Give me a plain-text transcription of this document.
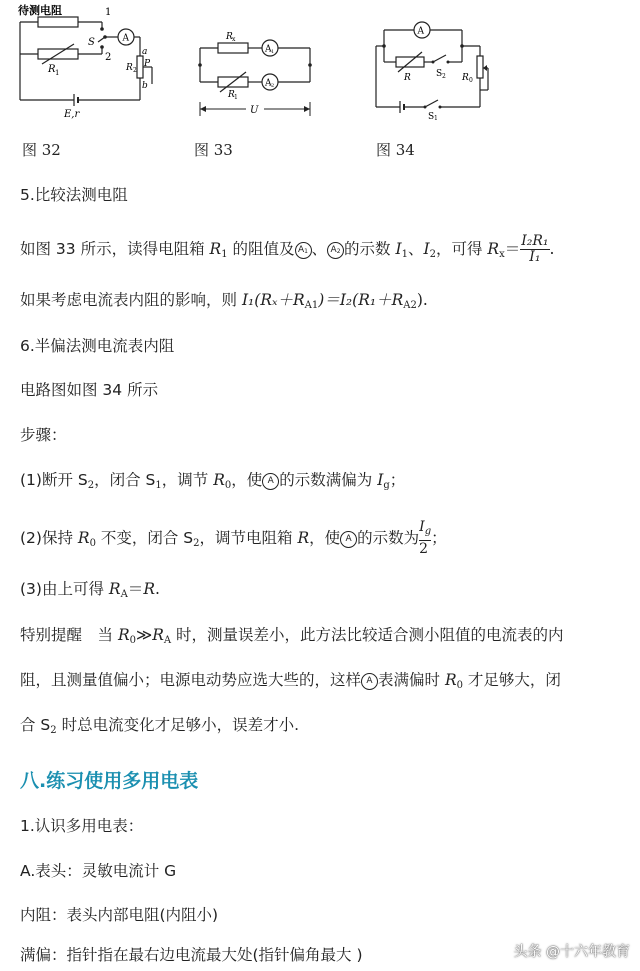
待测电阻	1
R 1
2
S	A
a
R 2
P
b
E,r
图 32
R x
A 1
R 1
A 2
U
图 33
A
R	S 2 R 0
S 1
图 34
5.比较法测电阻
如图 33 所示，读得电阻箱 $R_1$ 的阻值及 $A_1$ 、 $A_2$ 的示数 $I_1$、$I_2$，可得 $R_x= \frac{\text{I₂R₁}}{\text{I₁}}$ .
如果考虑电流表内阻的影响，则 $I_1(R_x+R_{A1})=I_2(R_1+R_{A2})$.
6.半偏法测电流表内阻
电路图如图 34 所示
步骤：
(1)断开 $S_2$，闭合 $S_1$，调节 $R_0$，使 A 的示数满偏为 $I_g$；
(2)保持 $R_0$ 不变，闭合 $S_2$，调节电阻箱 R，使 A 的示数为 $\frac{I_g}{2}$ ；
(3)由上可得 $R_A=R$.
特别提醒　当 $R_0≫R_A$ 时，测量误差小，此方法比较适合测小阻值的电流表的内
阻，且测量值偏小；电源电动势应选大些的，这样 A 表满偏时 $R_0$ 才足够大，闭
合 $S_2$ 时总电流变化才足够小，误差才小.
八.练习使用多用电表
1.认识多用电表：
A.表头：灵敏电流计 G
内阻：表头内部电阻(内阻小)
满偏：指针指在最右边电流最大处(指针偏角最大 )	头条 @十六年教育
